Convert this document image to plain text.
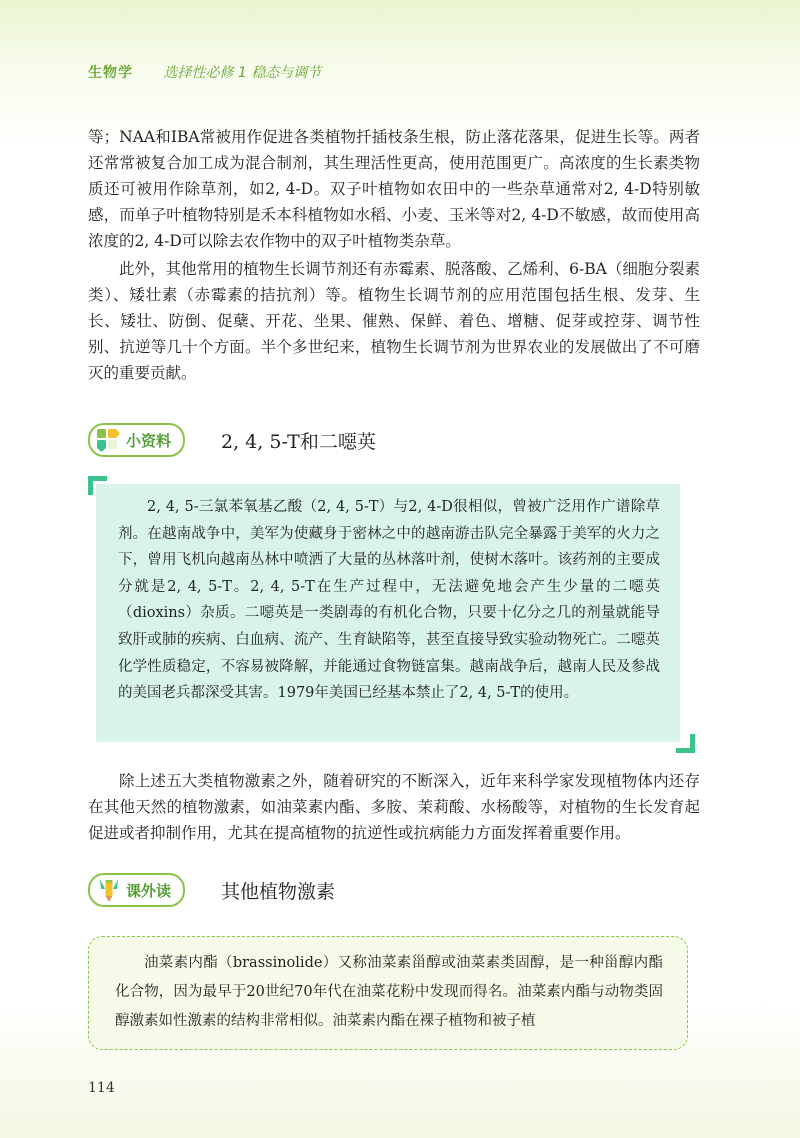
生物学 选择性必修 1 稳态与调节

等；NAA和IBA常被用作促进各类植物扦插枝条生根，防止落花落果，促进生长等。两者还常常被复合加工成为混合制剂，其生理活性更高，使用范围更广。高浓度的生长素类物质还可被用作除草剂，如2, 4-D。双子叶植物如农田中的一些杂草通常对2, 4-D特别敏感，而单子叶植物特别是禾本科植物如水稻、小麦、玉米等对2, 4-D不敏感，故而使用高浓度的2, 4-D可以除去农作物中的双子叶植物类杂草。

此外，其他常用的植物生长调节剂还有赤霉素、脱落酸、乙烯利、6-BA（细胞分裂素类）、矮壮素（赤霉素的拮抗剂）等。植物生长调节剂的应用范围包括生根、发芽、生长、矮壮、防倒、促蘖、开花、坐果、催熟、保鲜、着色、增糖、促芽或控芽、调节性别、抗逆等几十个方面。半个多世纪来，植物生长调节剂为世界农业的发展做出了不可磨灭的重要贡献。

小资料	2, 4, 5-T和二噁英

2, 4, 5-三氯苯氧基乙酸（2, 4, 5-T）与2, 4-D很相似，曾被广泛用作广谱除草剂。在越南战争中，美军为使藏身于密林之中的越南游击队完全暴露于美军的火力之下，曾用飞机向越南丛林中喷洒了大量的丛林落叶剂，使树木落叶。该药剂的主要成分就是2, 4, 5-T。2, 4, 5-T在生产过程中，无法避免地会产生少量的二噁英（dioxins）杂质。二噁英是一类剧毒的有机化合物，只要十亿分之几的剂量就能导致肝或肺的疾病、白血病、流产、生育缺陷等，甚至直接导致实验动物死亡。二噁英化学性质稳定，不容易被降解，并能通过食物链富集。越南战争后，越南人民及参战的美国老兵都深受其害。1979年美国已经基本禁止了2, 4, 5-T的使用。

除上述五大类植物激素之外，随着研究的不断深入，近年来科学家发现植物体内还存在其他天然的植物激素，如油菜素内酯、多胺、茉莉酸、水杨酸等，对植物的生长发育起促进或者抑制作用，尤其在提高植物的抗逆性或抗病能力方面发挥着重要作用。

课外读	其他植物激素

油菜素内酯（brassinolide）又称油菜素甾醇或油菜素类固醇，是一种甾醇内酯化合物，因为最早于20世纪70年代在油菜花粉中发现而得名。油菜素内酯与动物类固醇激素如性激素的结构非常相似。油菜素内酯在裸子植物和被子植

114
